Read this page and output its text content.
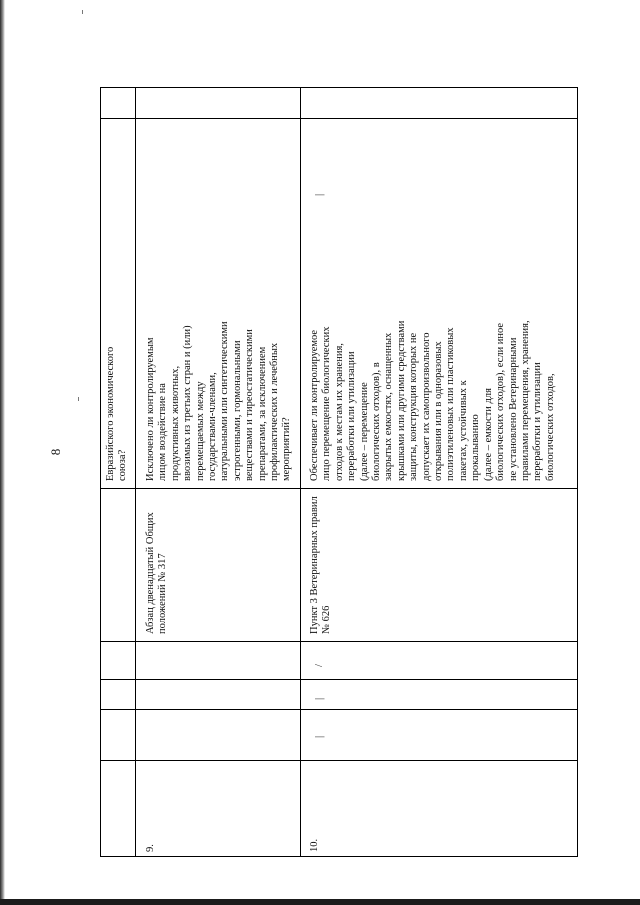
8	Евразийского экономического
союза?
9.
Исключено ли контролируемым
лицом воздействие на
продуктивных животных,
ввозимых из третьих стран и (или)
перемещаемых между
государствами-членами,
натуральными или синтетическими
эстрогенными, гормональными
веществами и тиреостатическими
препаратами, за исключением
профилактических и лечебных
мероприятий?
Абзац двенадцатый Общих
положений № 317
10.
Обеспечивает ли контролируемое
лицо перемещение биологических
отходов к местам их хранения,
переработки или утилизации
(далее – перемещение
биологических отходов), в
закрытых емкостях, оснащенных
крышками или другими средствами
защиты, конструкция которых не
допускает их самопроизвольного
открывания или в одноразовых
полиэтиленовых или пластиковых
пакетах, устойчивых к
прокалыванию
(далее – емкости для
биологических отходов), если иное
не установлено Ветеринарными
правилами перемещения, хранения,
переработки и утилизации
биологических отходов,
Пункт 3 Ветеринарных правил
№ 626
/
|
|
|
